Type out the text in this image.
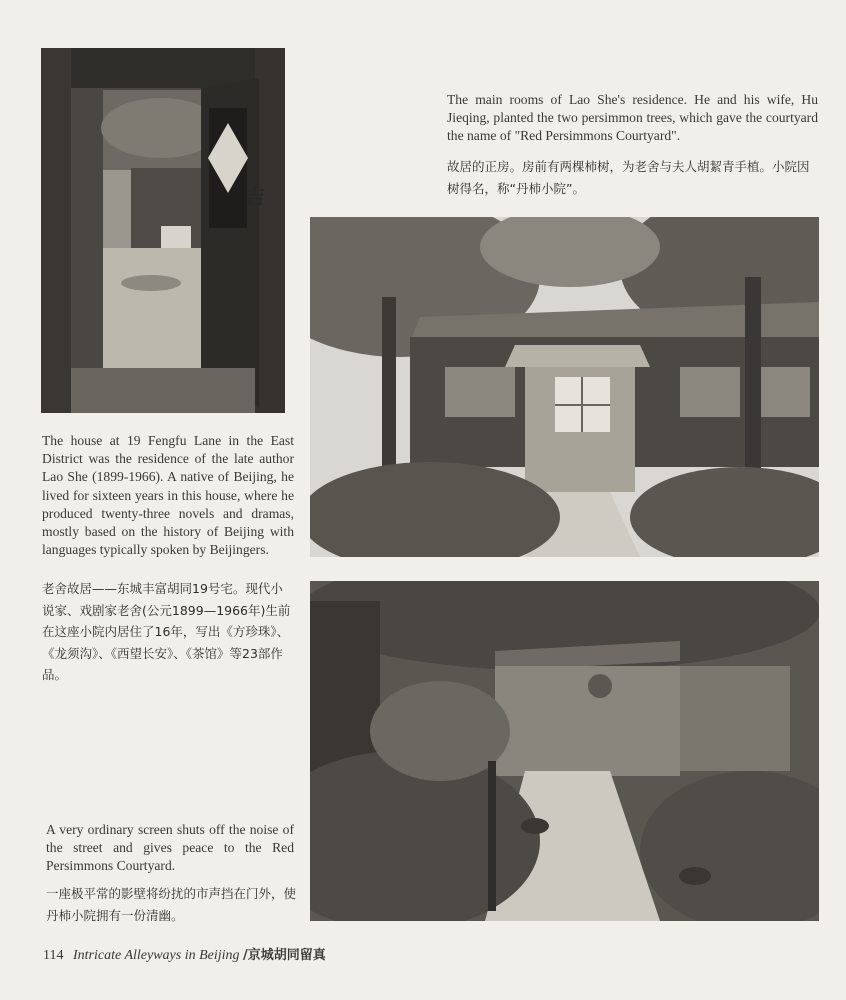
吉

The main rooms of Lao She's residence. He and his wife, Hu Jieqing, planted the two persimmon trees, which gave the courtyard the name of "Red Persimmons Courtyard".

故居的正房。房前有两棵柿树，为老舍与夫人胡絜青手植。小院因树得名，称“丹柿小院”。

The house at 19 Fengfu Lane in the East District was the residence of the late author Lao She (1899-1966). A native of Beijing, he lived for sixteen years in this house, where he produced twenty-three novels and dramas, mostly based on the history of Beijing with languages typically spoken by Beijingers.

老舍故居——东城丰富胡同19号宅。现代小说家、戏剧家老舍(公元1899—1966年)生前在这座小院内居住了16年，写出《方珍珠》、《龙须沟》、《西望长安》、《茶馆》等23部作品。

A very ordinary screen shuts off the noise of the street and gives peace to the Red Persimmons Courtyard.

一座极平常的影壁将纷扰的市声挡在门外，使丹柿小院拥有一份清幽。

114 Intricate Alleyways in Beijing /京城胡同留真
